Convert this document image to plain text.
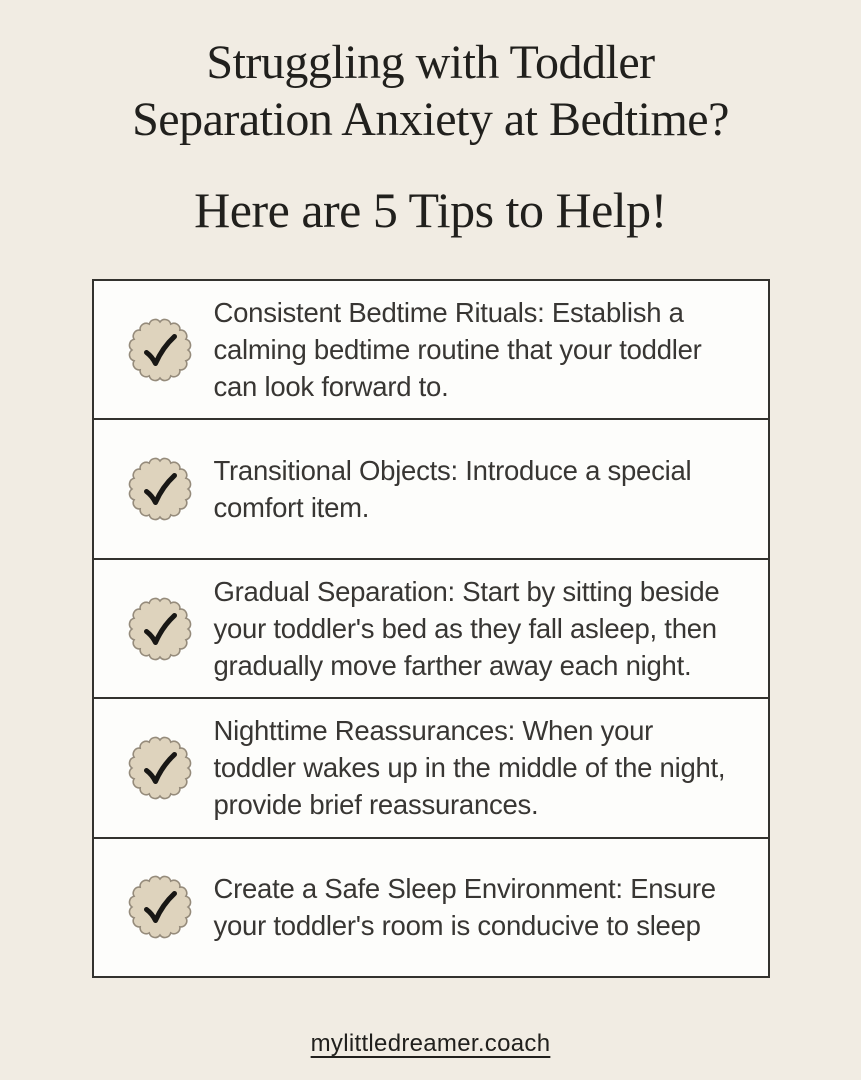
Struggling with Toddler
Separation Anxiety at Bedtime?
Here are 5 Tips to Help!
Consistent Bedtime Rituals: Establish a
calming bedtime routine that your toddler
can look forward to.
Transitional Objects: Introduce a special
comfort item.
Gradual Separation: Start by sitting beside
your toddler's bed as they fall asleep, then
gradually move farther away each night.
Nighttime Reassurances: When your
toddler wakes up in the middle of the night,
provide brief reassurances.
Create a Safe Sleep Environment: Ensure
your toddler's room is conducive to sleep
mylittledreamer.coach
